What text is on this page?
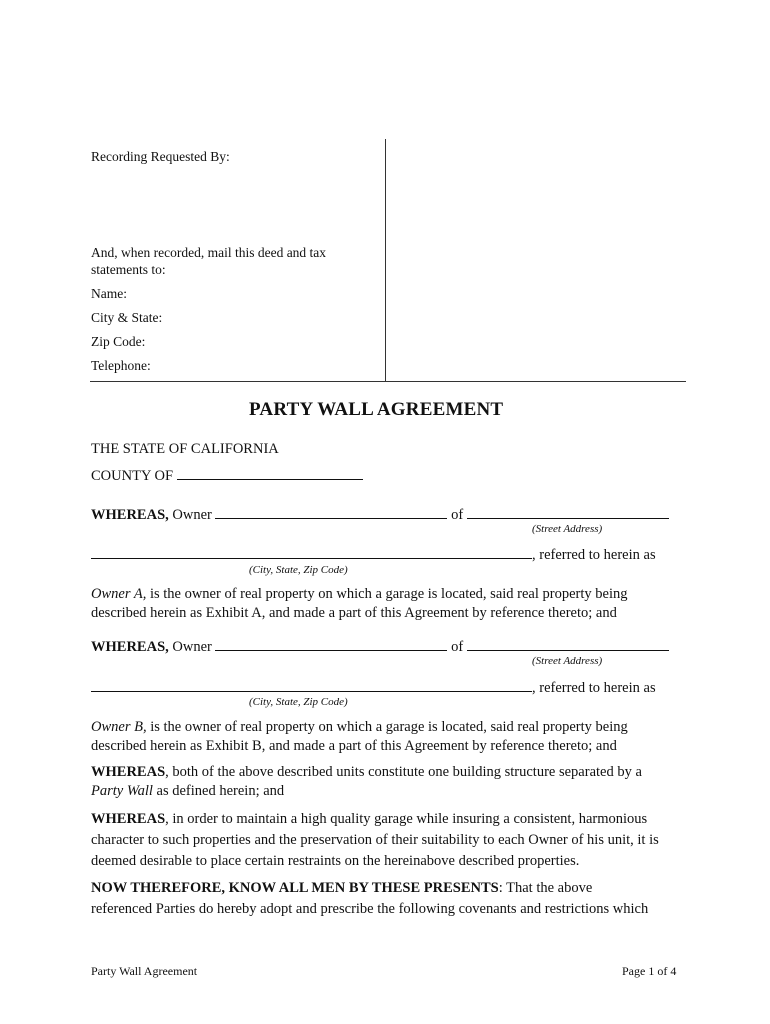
Recording Requested By:
And, when recorded, mail this deed and tax
statements to:
Name:
City & State:
Zip Code:
Telephone:
PARTY WALL AGREEMENT
THE STATE OF CALIFORNIA
COUNTY OF
WHEREAS, Owner	of
(Street Address)
, referred to herein as
(City, State, Zip Code)
Owner A, is the owner of real property on which a garage is located, said real property being
described herein as Exhibit A, and made a part of this Agreement by reference thereto; and
WHEREAS, Owner	of
(Street Address)
, referred to herein as
(City, State, Zip Code)
Owner B, is the owner of real property on which a garage is located, said real property being
described herein as Exhibit B, and made a part of this Agreement by reference thereto; and
WHEREAS, both of the above described units constitute one building structure separated by a
Party Wall as defined herein; and
WHEREAS, in order to maintain a high quality garage while insuring a consistent, harmonious
character to such properties and the preservation of their suitability to each Owner of his unit, it is
deemed desirable to place certain restraints on the hereinabove described properties.
NOW THEREFORE, KNOW ALL MEN BY THESE PRESENTS: That the above
referenced Parties do hereby adopt and prescribe the following covenants and restrictions which
Party Wall Agreement	Page 1 of 4
